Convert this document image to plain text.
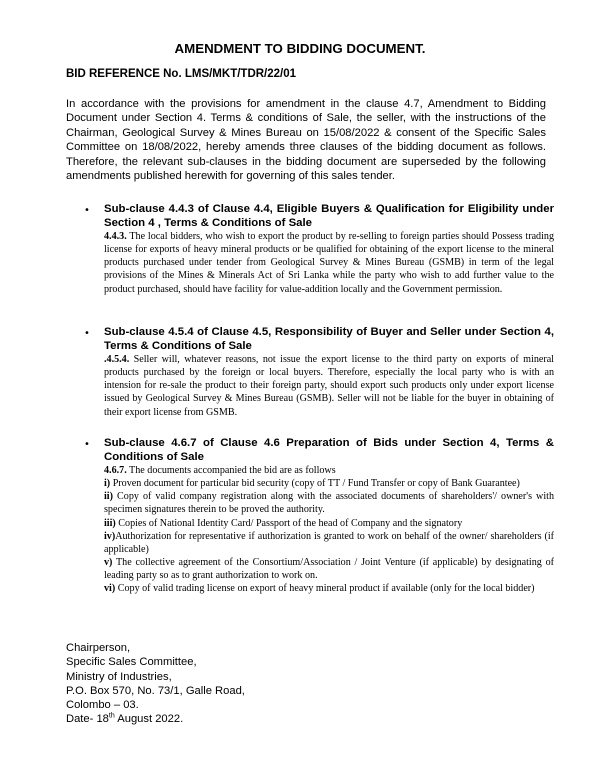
AMENDMENT TO BIDDING DOCUMENT.
BID REFERENCE No. LMS/MKT/TDR/22/01
In accordance with the provisions for amendment in the clause 4.7, Amendment to Bidding Document under Section 4. Terms & conditions of Sale, the seller, with the instructions of the Chairman, Geological Survey & Mines Bureau on 15/08/2022 & consent of the Specific Sales Committee on 18/08/2022, hereby amends three clauses of the bidding document as follows. Therefore, the relevant sub-clauses in the bidding document are superseded by the following amendments published herewith for governing of this sales tender.
• Sub-clause 4.4.3 of Clause 4.4, Eligible Buyers & Qualification for Eligibility under Section 4 , Terms & Conditions of Sale

4.4.3. The local bidders, who wish to export the product by re-selling to foreign parties should Possess trading license for exports of heavy mineral products or be qualified for obtaining of the export license to the mineral products purchased under tender from Geological Survey & Mines Bureau (GSMB) in term of the legal provisions of the Mines & Minerals Act of Sri Lanka while the party who wish to add further value to the product purchased, should have facility for value-addition locally and the Government permission.

• Sub-clause 4.5.4 of Clause 4.5, Responsibility of Buyer and Seller under Section 4, Terms & Conditions of Sale

.4.5.4. Seller will, whatever reasons, not issue the export license to the third party on exports of mineral products purchased by the foreign or local buyers. Therefore, especially the local party who is with an intension for re-sale the product to their foreign party, should export such products only under export license issued by Geological Survey & Mines Bureau (GSMB). Seller will not be liable for the buyer in obtaining of their export license from GSMB.

• Sub-clause 4.6.7 of Clause 4.6 Preparation of Bids under Section 4, Terms & Conditions of Sale

4.6.7. The documents accompanied the bid are as follows

i) Proven document for particular bid security (copy of TT / Fund Transfer or copy of Bank Guarantee)

ii) Copy of valid company registration along with the associated documents of shareholders'/ owner's with specimen signatures therein to be proved the authority.

iii) Copies of National Identity Card/ Passport of the head of Company and the signatory

iv)Authorization for representative if authorization is granted to work on behalf of the owner/ shareholders (if applicable)

v) The collective agreement of the Consortium/Association / Joint Venture (if applicable) by designating of leading party so as to grant authorization to work on.

vi) Copy of valid trading license on export of heavy mineral product if available (only for the local bidder)

Chairperson,
Specific Sales Committee,
Ministry of Industries,
P.O. Box 570, No. 73/1, Galle Road,
Colombo – 03.
Date- 18th August 2022.
